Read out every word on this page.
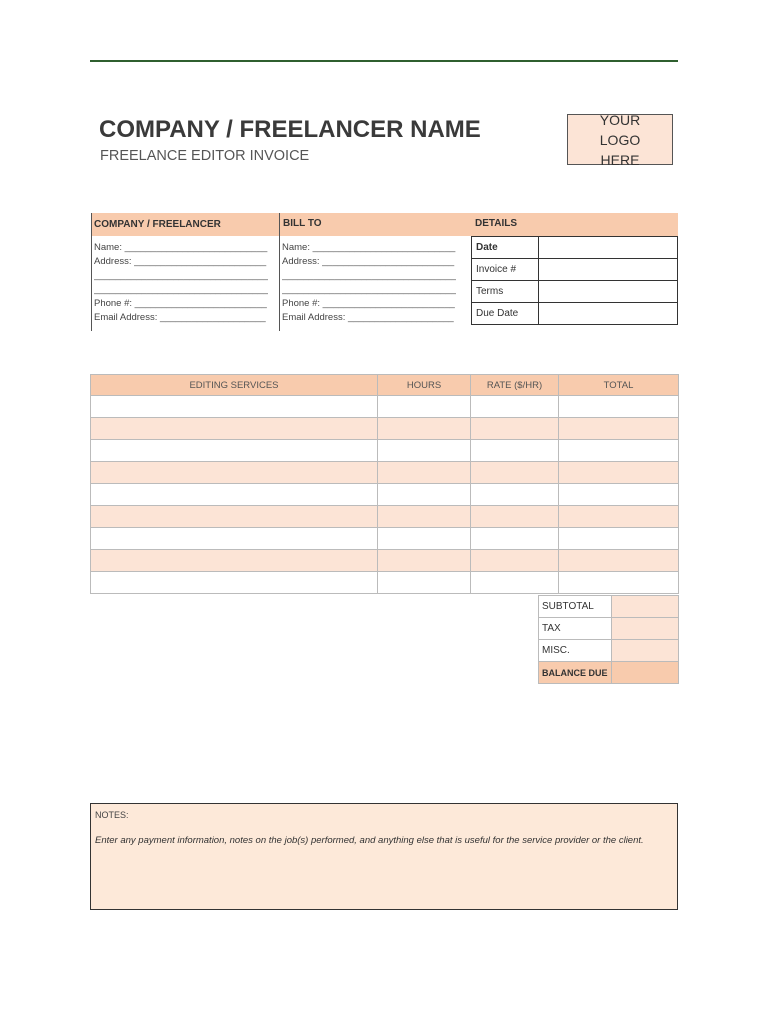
COMPANY / FREELANCER NAME
FREELANCE EDITOR INVOICE
YOUR LOGO HERE
COMPANY / FREELANCER	BILL TO	DETAILS
Name: ___________________________
Address: _________________________
_________________________________
_________________________________
Phone #: _________________________
Email Address: ____________________
Name: ___________________________
Address: _________________________
_________________________________
_________________________________
Phone #: _________________________
Email Address: ____________________
Date	
Invoice #	
Terms	
Due Date	
EDITING SERVICES	HOURS	RATE ($/HR)	TOTAL

SUBTOTAL	
TAX	
MISC.	
BALANCE DUE	
NOTES:
Enter any payment information, notes on the job(s) performed, and anything else that is useful for the service provider or the client.
